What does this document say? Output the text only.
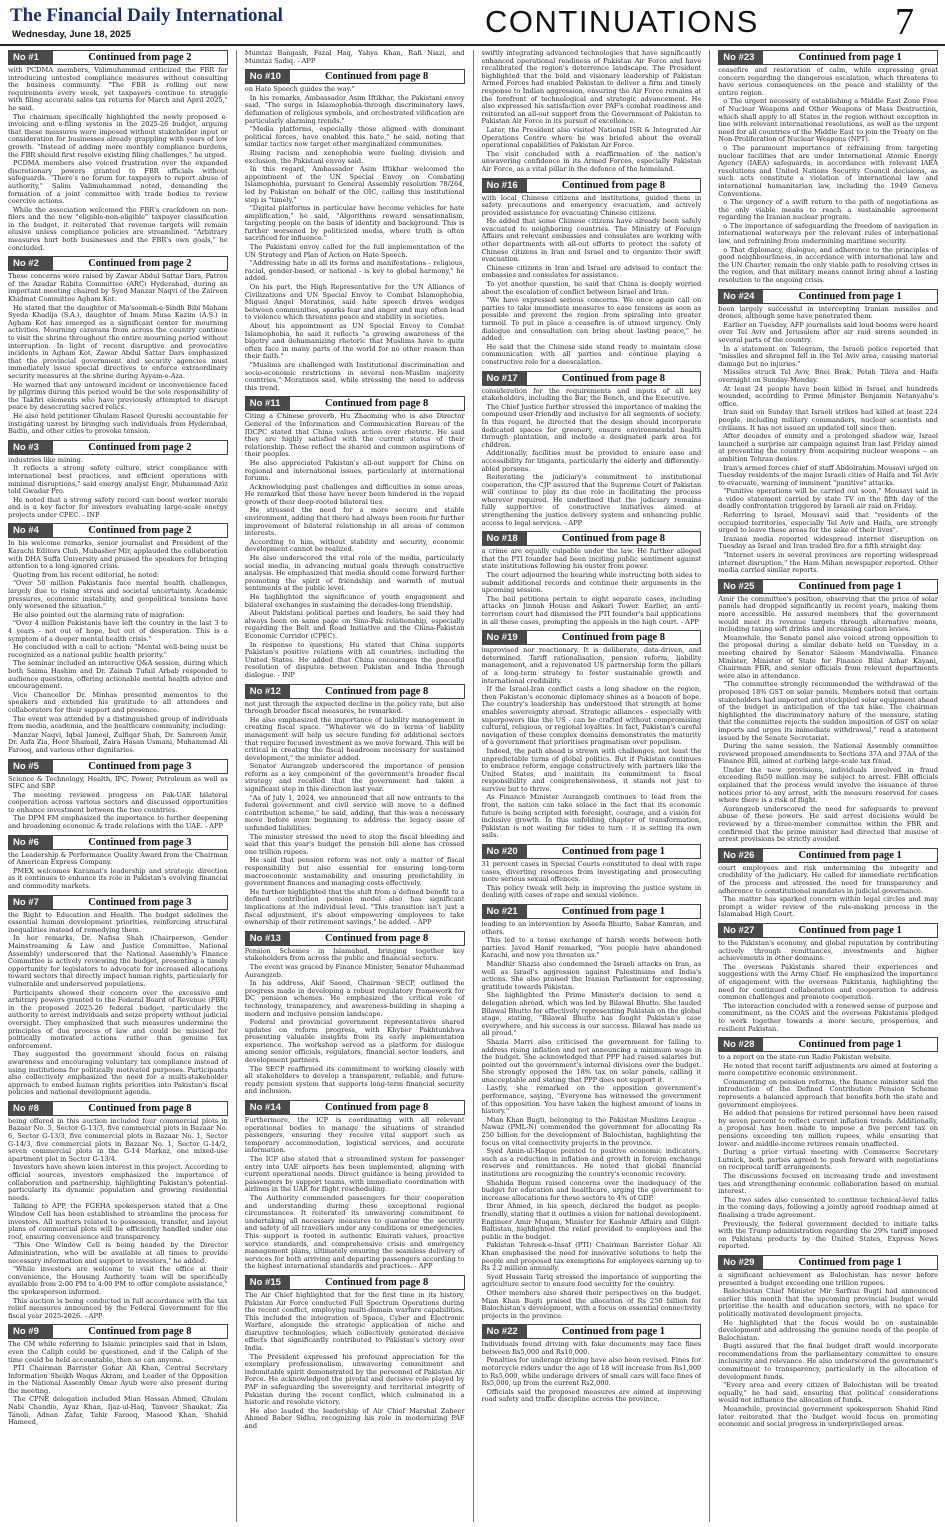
The Financial Daily International
Wednesday, June 18, 2025	CONTINUATIONS	7
No #1	Continued from page 2

with PCDMA members, Valimuhammad criticized the FBR for introducing untested compliance measures without consulting the business community. "The FBR is rolling out new requirements every week, yet taxpayers continue to struggle with filing accurate sales tax returns for March and April 2025," he said.

The chairman specifically highlighted the newly proposed e-invoicing and e-filing systems in the 2025-26 budget, arguing that these measures were imposed without stakeholder input or consideration for businesses already grappling with years of low growth. "Instead of adding more monthly compliance burdens, the FBR should first resolve existing filing challenges," he urged.

PCDMA members also voiced frustration over the expanded discretionary powers granted to FBR officials without safeguards. "There's no forum for taxpayers to report abuse of authority," Salim Valimuhammad noted, demanding the formation of a joint committee with trade bodies to review coercive actions.

While the association welcomed the FBR's crackdown on non-filers and the new "eligible-non-eligible" taxpayer classification in the budget, it reiterated that revenue targets will remain elusive unless compliance policies are streamlined. "Arbitrary measures hurt both businesses and the FBR's own goals," he concluded.

No #2	Continued from page 2

These concerns were raised by Zawar Abdul Sattar Dars, Patron of the Azadar Rabita Committee (ARC) Hyderabad, during an important meeting chaired by Syed Manzar Naqvi of the Zaireen Khidmat Committee Agham Kot.

He stated that the daughter of Ma'soomah-e-Sindh Bibi Maham Syeda Khadija (S.A.), daughter of Imam Musa Kazim (A.S.) in Agham Kot has emerged as a significant center for mourning activities. Mourning caravans from across the country continue to visit the shrine throughout the entire mourning period without interruption. In light of recent disruptive and provocative incidents in Agham Kot, Zawar Abdul Sattar Dars emphasized that the provincial government and security agencies must immediately issue special directives to enforce extraordinary security measures at the shrine during Ayyam-e-Aza.

He warned that any untoward incident or inconvenience faced by pilgrims during this period would be the sole responsibility of the Takfiri elements who have previously attempted to disrupt peace by desecrating sacred relics.

He also held petitioner Ghulam Rasool Qureshi accountable for instigating unrest by bringing such individuals from Hyderabad, Badin, and other cities to provoke tension.

No #3	Continued from page 2

industries like mining.

It reflects a strong safety culture, strict compliance with international best practices, and efficient operations with minimal disruptions," said energy analyst Engr. Muhammad Aziz told Gwadar Pro.

He noted that a strong safety record can boost worker morale and is a key factor for investors evaluating large-scale energy projects under CPEC. - INP

No #4	Continued from page 2

In his welcome remarks, senior journalist and President of the Karachi Editors Club, Mubasher Mir, applauded the collaboration with DHA Suffa University and praised the speakers for bringing attention to a long-ignored crisis.

Quoting from his recent editorial, he noted:

"Over 50 million Pakistanis face mental health challenges, largely due to rising stress and societal uncertainty. Academic pressures, economic instability, and geopolitical tensions have only worsened the situation."

He also pointed out the alarming rate of migration:

"Over 4 million Pakistanis have left the country in the last 3 to 4 years - not out of hope, but out of desperation. This is a symptom of a deeper mental health crisis."

He concluded with a call to action: "Mental well-being must be recognized as a national public health priority."

The seminar included an interactive Q&A session, during which both Saima Hashim and Dr. Zainab Tufail Arbab responded to audience questions, offering actionable mental health advice and encouragement.

Vice Chancellor Dr. Minhas presented mementos to the speakers and extended his gratitude to all attendees and collaborators for their support and presence.

The event was attended by a distinguished group of individuals from media, academia, and the healthcare community, including:

Manzar Naqvi, Iqbal Jameel, Zulfiqar Shah, Dr. Samreen Amir, Dr. Asfa Zia, Hoor Shamail, Zaira Hasan Usmani, Muhammad Ali Farooq, and various other dignitaries.

No #5	Continued from page 3

Science & Technology, Health, IPC, Power, Petroleum as well as SIFC and SBP.

The meeting reviewed progress on Pak-UAE bilateral cooperation across various sectors and discussed opportunities to enhance investment between the two countries.

The DPM FM emphasized the importance to further deepening and broadening economic & trade relations with the UAE. - APP

No #6	Continued from page 3

the Leadership & Performance Quality Award from the Chairman of American Express Company.

PMEX welcomes Karamat's leadership and strategic direction as it continues to enhance its role in Pakistan's evolving financial and commodity markets.

No #7	Continued from page 3

the Right to Education and Health. The budget sidelines the essential human development priorities, reinforcing structural inequalities instead of remedying them.

In her remarks, Dr. Nafisa Shah (Chairperson, Gender Mainstreaming & Law and Justice Committee, National Assembly) underscored that the National Assembly's Finance Committee is actively reviewing the budget, presenting a timely opportunity for legislators to advocate for increased allocations toward sectors that directly impact human rights, particularly for vulnerable and underserved populations.

Participants showed their concern over the excessive and arbitrary powers granted to the Federal Board of Revenue (FBR) in the proposed 2025-26 federal budget, particularly the authority to arrest individuals and seize property without judicial oversight. They emphasized that such measures undermine the principles of due process of law and could be misused for politically motivated actions rather than genuine tax enforcement.

They suggested the government should focus on raising awareness and encouraging voluntary tax compliance instead of using institutions for politically motivated purposes. Participants also collectively emphasized the need for a multi-stakeholder approach to embed human rights priorities into Pakistan's fiscal policies and national development agenda.

No #8	Continued from page 8

being offered in this auction included four commercial plots in Bazaar No. 5, Sector G-13/3, five commercial plots in Bazaar No. 6, Sector G-13/3, five commercial plots in Bazaar No. 1, Sector G-14/3, five commercial plots in Bazaar No. 1, Sector G-14/2, seven commercial plots in the G-14 Markaz, one mixed-use apartment plot in Sector G-13/4.

Investors have shown keen interest in this project. According to official sources, investors emphasized the importance of collaboration and partnership, highlighting Pakistan's potential-particularly its dynamic population and growing residential needs.

Talking to APP, the FGEHA spokesperson stated that a One Window Cell has been established to streamline the process for investors. All matters related to possession, transfer, and layout plans of commercial plots will be efficiently handled under one roof, ensuring convenience and transparency.

"This One Window Cell is being headed by the Director Administration, who will be available at all times to provide necessary information and support to investors," he added.

"While investors are welcome to visit the office at their convenience, the Housing Authority team will be specifically available from 2:00 PM to 4:00 PM to offer complete assistance," the spokesperson informed.

This auction is being conducted in full accordance with the tax relief measures announced by the Federal Government for the fiscal year 2025-2026. - APP

No #9	Continued from page 8

The CM while referring to Islamic principles said that in Islam, even the Caliph could be questioned, and if the Caliph of the time could be held accountable, then so can anyone.

PTI Chairman Barrister Gohar Ali Khan, Central Secretary Information Sheikh Waqas Akram, and Leader of the Opposition in the National Assembly Omar Ayub were also present during the meeting.

The CPNE delegation included Mian Hassan Ahmed, Ghulam Nabi Chandio, Ayaz Khan, Ijaz-ul-Haq, Tanveer Shaukat, Zia Tanoli, Adnan Zafar, Tahir Farooq, Masood Khan, Shahid Hameed,

Mumtaz Bangash, Fazal Haq, Yahya Khan, Rafi Niazi, and Mumtaz Sadiq. - APP

No #10	Continued from page 8

on Hate Speech guides the way."

In his remarks, Ambassador Asim Iftikhar, the Pakistani envoy said, "The surge in Islamophobia-through discriminatory laws, defamation of religious symbols, and orchestrated vilification are particularly alarming trends."

"Media platforms, especially those aligned with dominant political forces, have enabled this hate," he said, noting that similar tactics now target other marginalized communities.

Rising racism and xenophobia were fueling division and exclusion, the Pakistani envoy said.

In this regard, Ambassador Asim Iftikhar welcomed the appointment of the UN Special Envoy on Combating Islamophobia, pursuant to General Assembly resolution 78/264, led by Pakistan on behalf of the OIC, calling this institutional step is "timely."

"Digital platforms in particular have become vehicles for hate amplification," he said, "Algorithms reward sensationalism, targeting people on the basis of identity and background. This is further worsened by politicized media, where truth is often sacrificed for influence."

The Pakistani envoy called for the full implementation of the UN Strategy and Plan of Action on Hate Speech.

"Addressing hate in all its forms and manifestations - religious, racial, gender-based, or national - is key to global harmony," he added.

On his part, the High Representative for the UN Alliance of Civilizations and UN Special Envoy to Combat Islamophobia, Miguel Angel Moratinos, said hate speech drives wedges between communities, sparks fear and anger and may often lead to violence which threatens peace and stability in societies.

About his appointment as UN Special Envoy to Combat Islamophobia, he said it reflects "a growing awareness of the bigotry and dehumanizing rhetoric that Muslims have to quite often face in many parts of the world for no other reason than their faith."

"Muslims are challenged with Institutional discrimination and socio-economic restrictions in several non-Muslim majority countries," Moratinos said, while stressing the need to address this trend.

No #11	Continued from page 8

Citing a Chinese proverb, Hu Zhaoming who is also Director General of the Information and Communication Bureau of the IDCPC stated that China values action over rhetoric. He said they are highly satisfied with the current status of their relationship. These reflect the shared and common aspirations of their peoples.

He also appreciated Pakistan's all-out support for China on regional and international issues, particularly at international forums.

Acknowledging past challenges and difficulties in some areas, He remarked that these have never been hindered in the repaid growth of their deep-rooted bilateral ties.

He stressed the need for a more secure and stable environment, adding that there had always been room for further improvement of bilateral relationship in all areas of common interests.

According to him, without stability and security, economic development cannot be realized.

He also underscored the vital role of the media, particularly social media, in advancing mutual goals through constructive analysis. He emphasized that media should come forward further promoting the spirit of friendship and warmth of mutual sentiments at the public level.

He highlighted the significance of youth engagement and bilateral exchanges in sustaining the decades-long friendship.

About Pakistani political parties and leaders, he said they had always been on same page on Sino-Pak relationship, especially regarding the Belt and Road Initiative and the China-Pakistan Economic Corridor (CPEC).

In response to questions, Hu stated that China supports Pakistan's positive relations with all countries, including the United States. He added that China encourages the peaceful resolution of disputes between Pakistan and India through dialogue. - INP

No #12	Continued from page 8

not just through the expected decline in the policy rate, but also through broader fiscal measures, he remarked.

He also emphasized the importance of liability management in creating fiscal space. "Whatever we do in terms of liability management will help us secure funding for additional sectors that require focused investment as we move forward. This will be critical in creating the fiscal headroom necessary for sustained development," the minister added.

Senator Aurangzeb underscored the importance of pension reform as a key component of the government's broader fiscal strategy and recalled that the government had taken a significant step in this direction last year.

"As of July 1, 2024, we announced that all new entrants to the federal government and civil service will move to a defined contribution scheme," he said, adding, that this was a necessary move before even beginning to address the legacy issue of unfunded liabilities.

The minister stressed the need to stop the fiscal bleeding and said that this year's budget the pension bill alone has crossed one trillion rupees.

He said that pension reform was not only a matter of fiscal responsibility but also essential for ensuring long-term macroeconomic sustainability and ensuring predictability in government finances and managing costs effectively.

He further highlighted that the shift from a defined benefit to a defined contribution pension model also has significant implications at the individual level. "This transition isn't just a fiscal adjustment, it's about empowering employees to take ownership of their retirement savings," he added. - APP

No #13	Continued from page 8

Pension Schemes in Islamabad, bringing together key stakeholders from across the public and financial sectors.

The event was graced by Finance Minister, Senator Muhammad Aurangzeb.

In his address, Akif Saeed, Chairman SECP, outlined the progress made in developing a robust regulatory framework for DC pension schemes. He emphasized the critical role of technology, transparency, and awareness-building in shaping a modern and inclusive pension landscape.

Federal and provincial government representatives shared updates on reform progress, with Khyber Pakhtunkhwa presenting valuable insights from its early implementation experience. The workshop served as a platform for dialogue among senior officials, regulators, financial sector leaders, and development partners.

The SECP reaffirmed its commitment to working closely with all stakeholders to develop a transparent, reliable, and future-ready pension system that supports long-term financial security and inclusion.

No #14	Continued from page 8

Furthermore, the ICP is coordinating with all relevant operational bodies to manage the situations of stranded passengers, ensuring they receive vital support such as temporary accommodation, logistical services, and accurate information.

The ICP also stated that a streamlined system for passenger entry into UAE airports has been implemented, aligning with current operational needs. Direct guidance is being provided to passengers by support teams, with immediate coordination with airlines in the UAE for flight rescheduling.

The Authority commended passengers for their cooperation and understanding during these exceptional regional circumstances. It reiterated its unwavering commitment to undertaking all necessary measures to guarantee the security and safety of all travellers under any conditions or emergencies. This support is rooted in authentic Emirati values, proactive service standards, and comprehensive crisis and emergency management plans, ultimately ensuring the seamless delivery of services for both arriving and departing passengers according to the highest international standards and practices. - APP

No #15	Continued from page 8

The Air Chief highlighted that for the first time in its history, Pakistan Air Force conducted Full Spectrum Operations during the recent conflict, employing multi-domain warfare capabilities. This included the integration of Space, Cyber and Electronic Warfare, alongside the strategic application of niche and disruptive technologies, which collectively generated decisive effects that significantly contributed to Pakistan's victory over India.

The President expressed his profound appreciation for the exemplary professionalism, unwavering commitment and indomitable spirit demonstrated by the personnel of Pakistan Air Force. He acknowledged the pivotal and decisive role played by PAF in safeguarding the sovereignty and territorial integrity of Pakistan during the recent conflict, which culminated in a historic and resolute victory.

He also lauded the leadership of Air Chief Marshal Zaheer Ahmed Baber Sidhu, recognizing his role in modernizing PAF and

swiftly integrating advanced technologies that have significantly enhanced operational readiness of Pakistan Air Force and have recalibrated the region's deterrence landscape. The President highlighted that the bold and visionary leadership of Pakistan Armed Forces had enabled Pakistan to deliver a firm and timely response to Indian aggression, ensuring the Air Force remains at the forefront of technological and strategic advancement. He also expressed his satisfaction over PAF's combat readiness and reiterated an all-out support from the Government of Pakistan to Pakistan Air Force in its pursuit of excellence.

Later, the President also visited National ISR & Integrated Air Operations Centre where he was briefed about the overall operational capabilities of Pakistan Air Force.

The visit concluded with a reaffirmation of the nation's unwavering confidence in its Armed Forces, especially Pakistan Air Force, as a vital pillar in the defence of the homeland.

No #16	Continued from page 8

with local Chinese citizens and institutions, guided them in safety precautions and emergency evacuation, and actively provided assistance for evacuating Chinese citizens.

He added that some Chinese citizens have already been safely evacuated to neighboring countries. The Ministry of Foreign Affairs and relevant embassies and consulates are working with other departments with all-out efforts to protect the safety of Chinese citizens in Iran and Israel and to organize their swift evacuation.

Chinese citizens in Iran and Israel are advised to contact the embassies and consulates for assistance.

To yet another question, he said that China is deeply worried about the escalation of conflict between Israel and Iran.

"We have expressed serious concerns. We once again call on parties to take immediate measures to ease tensions as soon as possible and prevent the region from spiraling into greater turmoil. To put in place a ceasefire is of utmost urgency. Only dialogue and consultation can bring about lasting peace," he added.

He said that the Chinese side stand ready to maintain close communication with all parties and continue playing a constructive role for a deescalation.

No #17	Continued from page 8

consideration for the requirements and inputs of all key stakeholders, including the Bar, the Bench, and the Executive.

The Chief Justice further stressed the importance of making the compound user-friendly and inclusive for all segments of society. In this regard, he directed that the design should incorporate dedicated spaces for greenery, ensure environmental health through plantation, and include a designated park area for children.

Additionally, facilities must be provided to ensure ease and accessibility for litigants, particularly the elderly and differently-abled persons.

Reiterating the judiciary's commitment to institutional cooperation, the CJP assured that the Supreme Court of Pakistan will continue to play its due role in facilitating the process wherever required. He underlined that the judiciary remains fully supportive of constructive initiatives aimed at strengthening the justice delivery system and enhancing public access to legal services. - APP

No #18	Continued from page 8

a crime are equally culpable under the law. He further alleged that the PTI founder had been inciting public sentiment against state institutions following his ouster from power.

The court adjourned the hearing while instructing both sides to submit additional records and continue their arguments in the upcoming session.

The bail petitions pertain to eight separate cases, including attacks on Jinnah House and Askari Tower. Earlier, an anti-terrorism court had dismissed the PTI founder's bail applications in all these cases, prompting the appeals in the high court. - APP

No #19	Continued from page 8

improvised nor reactionary. It is deliberate, data-driven, and determined. Tariff rationalisation, pension reform, liability management, and a rejuvenated US partnership form the pillars of a long-term strategy to foster sustainable growth and international credibility.

If the Israel-Iran conflict casts a long shadow on the region, then Pakistan's economic diplomacy shines as a beacon of hope. The country's leadership has understood that strength at home enables sovereignty abroad. Strategic alliances - especially with superpowers like the US - can be crafted without compromising cultural, religious, or regional loyalties. In fact, Pakistan's careful navigation of these complex domains demonstrates the maturity of a government that prioritises pragmatism over populism.

Indeed, the path ahead is strewn with challenges, not least the unpredictable turns of global politics. But if Pakistan continues to embrace reform, engage constructively with partners like the United States, and maintain its commitment to fiscal responsibility and comprehensiveness, it stands not just to survive but to thrive.

As Finance Minister Aurangzeb continues to lead from the front, the nation can take solace in the fact that its economic future is being scripted with foresight, courage, and a vision for inclusive growth. In this unfolding chapter of transformation, Pakistan is not waiting for tides to turn - it is setting its own sails.

No #20	Continued from page 1

31 percent cases in Special Courts constituted to deal with rape cases, diverting resources from investigating and prosecuting more serious sexual offences.

This policy tweak will help in improving the justice system in dealing with cases of rape and sexual violence.

No #21	Continued from page 1

leading to an intervention by Aseefa Bhutto, Sahar Kamran, and others.

This led to a tense exchange of harsh words between both parties. Javed Hanif remarked, "You people have abandoned Karachi, and now you threaten us."

Mandhir Shazia also condemned the Israeli attacks on Iran, as well as Israel's aggression against Palestinians and India's actions. She also praised the Iranian Parliament for expressing gratitude towards Pakistan.

She highlighted the Prime Minister's decision to send a delegation abroad, which was led by Bilawal Bhutto. She lauded Bilawal Bhutto for effectively representing Pakistan on the global stage, stating, "Bilawal Bhutto has fought Pakistan's case everywhere, and his success is our success. Bilawal has made us all proud."

Shazia Marri also criticised the government for failing to address rising inflation and not announcing a minimum wage in the budget. She acknowledged that PPP had raised salaries but pointed out the government's internal divisions over the budget. She strongly opposed the 18% tax on solar panels, calling it unacceptable and stating that PPP does not support it.

Lastly, she remarked on the opposition government's performance, saying, "Everyone has witnessed the government of this opposition. You have taken the highest amount of loans in history."

Mian Khan Bugti, belonging to the Pakistan Muslims League - Nawaz (PML-N) commended the government for allocating Rs 250 billion for the development of Balochistan, highlighting the focus on vital connectivity projects in the province.

Syed Amin-ul-Haque pointed to positive economic indicators, such as a reduction in inflation and growth in foreign exchange reserves and remittances. He noted that global financial institutions are recognizing the country's economic recovery.

Shahida Begum raised concerns over the inadequacy of the budget for education and healthcare, urging the government to increase allocations for these sectors to 4% of GDP.

Ibrar Ahmed, in his speech, declared the budget as people-friendly, stating that it outlines a vision for national development. Engineer Amir Muqam, Minister for Kashmir Affairs and Gilgit-Baltistan, highlighted the relief provided to employees and the public in the budget.

Pakistan Tehreek-e-Insaf (PTI) Chairman Barrister Gohar Ali Khan emphasised the need for innovative solutions to help the people and proposed tax exemptions for employees earning up to Rs 2.2 million annually.

Syed Hussain Tariq stressed the importance of supporting the agriculture sector to ensure food security for the country.

Other members also shared their perspectives on the budget. Mian Khan Bugti praised the allocation of Rs 250 billion for Balochistan's development, with a focus on essential connectivity projects in the province.

No #22	Continued from page 1

Individuals found driving with fake documents may face fines between Rs5,000 and Rs10,000.

Penalties for underage driving have also been revised. Fines for motorcycle riders under the age of 18 will increase from Rs1,000 to Rs5,000, while underage drivers of small cars will face fines of Rs5,000, up from the current Rs2,000.

Officials said the proposed measures are aimed at improving road safety and traffic discipline across the province.

No #23	Continued from page 1

ceasefire and restoration of calm, while expressing great concern regarding the dangerous escalation, which threatens to have serious consequences on the peace and stability of the entire region.

o The urgent necessity of establishing a Middle East Zone Free of Nuclear Weapons and Other Weapons of Mass Destruction, which shall apply to all States in the region without exception in line with relevant international resolutions, as well as the urgent need for all countries of the Middle East to join the Treaty on the Non-Proliferation of Nuclear Weapons (NPT).

o The paramount importance of refraining from targeting nuclear facilities that are under International Atomic Energy Agency (IAEA) safeguards, in accordance with relevant IAEA resolutions and United Nations Security Council decisions, as such acts constitute a violation of international law and international humanitarian law, including the 1949 Geneva Conventions.

o The urgency of a swift return to the path of negotiations as the only viable means to reach a sustainable agreement regarding the Iranian nuclear program.

o The importance of safeguarding the freedom of navigation in international waterways per the relevant rules of international law, and refraining from undermining maritime security.

o That diplomacy, dialogue, and adherence to the principles of good neighbourliness, in accordance with international law and the UN Charter, remain the only viable path to resolving crises in the region, and that military means cannot bring about a lasting resolution to the ongoing crisis.

No #24	Continued from page 1

been largely successful in intercepting Iranian missiles and drones, although some have penetrated them.

Earlier on Tuesday, AFP journalists said loud booms were heard over Tel Aviv and Jerusalem after air raid sirens sounded in several parts of the country.

In a statement on Telegram, the Israeli police reported that "missiles and shrapnel fell in the Tel Aviv area, causing material damage but no injuries."

Missiles struck Tel Aviv, Bnei Brak, Petah Tikva and Haifa overnight on Sunday-Monday.

At least 24 people have been killed in Israel and hundreds wounded, according to Prime Minister Benjamin Netanyahu's office.

Iran said on Sunday that Israeli strikes had killed at least 224 people, including military commanders, nuclear scientists and civilians. It has not issued an updated toll since then.

After decades of enmity and a prolonged shadow war, Israel launched a surprise air campaign against Iran last Friday aimed at preventing the country from acquiring nuclear weapons -- an ambition Tehran denies.

Iran's armed forces chief of staff Abdolrahim Mousavi urged on Tuesday residents of the major Israeli cities of Haifa and Tel Aviv to evacuate, warning of imminent "punitive" attacks.

"Punitive operations will be carried out soon," Mousavi said in a video statement carried by state TV on the fifth day of the deadly confrontation triggered by Israeli air raid on Friday.

Referring to Israel, Mousavi said that "residents of the occupied territories, especially Tel Aviv and Haifa, are strongly urged to leave these areas for the sake of their lives".

Iranian media reported widespread internet disruption on Tuesday as Israel and Iran traded fire for a fifth straight day.

"Internet users in several provinces are reporting widespread internet disruption," the Ham Mihan newspaper reported. Other media carried similar reports.

No #25	Continued from page 1

Amir the committee's position, observing that the price of solar panels had dropped significantly in recent years, making them more accessible. He assured members that the government would meet its revenue targets through alternative means, including taxing soft drinks and increasing carbon levies.

Meanwhile, the Senate panel also voiced strong opposition to the proposal during a similar debate held on Tuesday, in a meeting chaired by Senator Saleem Mandviwalla. Finance Minister, Minister of State for Finance Bilal Azhar Kayani, Chairman FBR, and senior officials from relevant departments were also in attendance.

"The committee strongly recommended the withdrawal of the proposed 18% GST on solar panels. Members noted that certain stakeholders had imported and stockpiled solar equipment ahead of the budget in anticipation of the tax hike. The chairman highlighted the discriminatory nature of the measure, stating that the committee rejects the sudden imposition of GST on solar imports and urges its immediate withdrawal," read a statement issued by the Senate Secretariat.

During the same session, the National Assembly committee reviewed proposed amendments to Sections 37A and 37AA of the Finance Bill, aimed at curbing large-scale tax fraud.

Under the new provisions, individuals involved in fraud exceeding Rs50 million may be subject to arrest. FBR officials explained that the process would involve the issuance of three notices prior to any arrest, with the measure reserved for cases where there is a risk of flight.

Aurangzeb underscored the need for safeguards to prevent abuse of these powers. He said arrest decisions would be reviewed by a three-member committee within the FBR and confirmed that the prime minister had directed that misuse of arrest provisions be strictly avoided.

No #26	Continued from page 1

court employees and risk undermining the integrity and credibility of the judiciary. He called for immediate rectification of the process and stressed the need for transparency and adherence to constitutional mandates in judicial governance.

The matter has sparked concern within legal circles and may prompt a wider review of the rule-making process in the Islamabad High Court.

No #27	Continued from page 1

to the Pakistan's economy, and global reputation by contributing actively through remittances, investments and higher achievements in other domains.

The overseas Pakistanis shared their experiences and suggestions with the Army Chief. He emphasized the importance of engagement with the overseas Pakistanis, highlighting the need for continued collaboration and cooperation to address common challenges and promote cooperation.

The interaction concluded with a renewed sense of purpose and commitment, as the COAS and the overseas Pakistanis pledged to work together towards a more secure, prosperous, and resilient Pakistan.

No #28	Continued from page 1

to a report on the state-run Radio Pakistan website.

He noted that recent tariff adjustments are aimed at fostering a more competitive economic environment.

Commenting on pension reforms, the finance minister said the introduction of the Defined Contribution Pension Scheme represents a balanced approach that benefits both the state and government employees.

He added that pensions for retired personnel have been raised by seven percent to reflect current inflation trends. Additionally, a proposal has been made to impose a five percent tax on pensions exceeding ten million rupees, while ensuring that lower- and middle-income retirees remain unaffected.

During a prior virtual meeting with Commerce Secretary Lutnick, both parties agreed to push forward with negotiations on reciprocal tariff arrangements.

The discussions focused on increasing trade and investment ties and strengthening economic collaboration based on mutual interest.

The two sides also consented to continue technical-level talks in the coming days, following a jointly agreed roadmap aimed at finalising a trade agreement.

Previously, the federal government decided to initiate talks with the Trump administration regarding the 29% tariff imposed on Pakistani products by the United States, Express News reported.

No #29	Continued from page 1

a significant achievement as Balochistan has never before presented a budget exceeding one trillion rupees.

Balochistan Chief Minister Mir Sarfraz Bugti had announced earlier this month that the upcoming provincial budget would prioritise the health and education sectors, with no space for politically motivated development projects.

He highlighted that the focus would be on sustainable development and addressing the genuine needs of the people of Balochistan.

Bugti assured that the final budget draft would incorporate recommendations from the parliamentary committee to ensure inclusivity and relevance. He also underscored the government's commitment to transparency, particularly in the allocation of development funds.

"Every area and every citizen of Balochistan will be treated equally," he had said, ensuring that political considerations would not influence the allocation of funds.

Meanwhile, provincial government spokesperson Shahid Rind later reiterated that the budget would focus on promoting economic and social progress in underprivileged areas.
